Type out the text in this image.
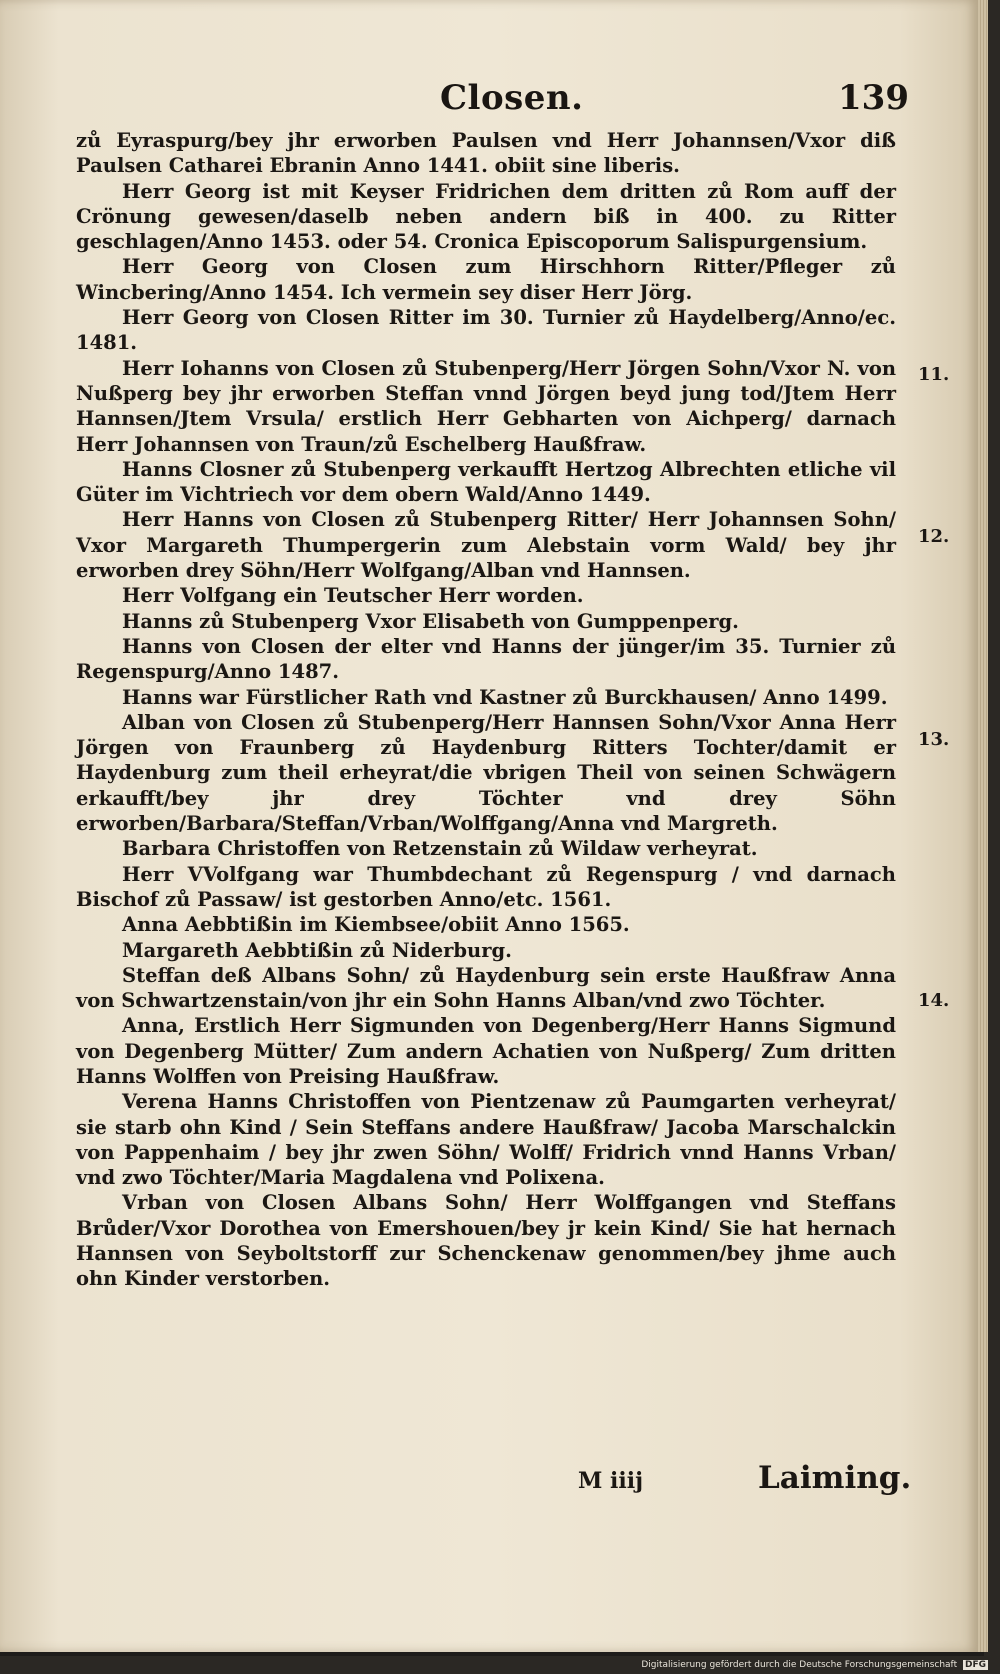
Closen.	139

zů Eyraspurg/bey jhr erworben Paulsen vnd Herr Johannsen/Vxor diß Paulsen Catharei Ebranin Anno 1441. obiit sine liberis.

Herr Georg ist mit Keyser Fridrichen dem dritten zů Rom auff der Crönung gewesen/daselb neben andern biß in 400. zu Ritter geschlagen/Anno 1453. oder 54. Cronica Episcoporum Salispurgensium.

Herr Georg von Closen zum Hirschhorn Ritter/Pfleger zů Wincbering/Anno 1454. Ich vermein sey diser Herr Jörg.

Herr Georg von Closen Ritter im 30. Turnier zů Haydelberg/Anno/ec. 1481.

Herr Iohanns von Closen zů Stubenperg/Herr Jörgen Sohn/Vxor N. von Nußperg bey jhr erworben Steffan vnnd Jörgen beyd jung tod/Jtem Herr Hannsen/Jtem Vrsula/ erstlich Herr Gebharten von Aichperg/ darnach Herr Johannsen von Traun/zů Eschelberg Haußfraw.

Hanns Closner zů Stubenperg verkaufft Hertzog Albrechten etliche vil Güter im Vichtriech vor dem obern Wald/Anno 1449.

Herr Hanns von Closen zů Stubenperg Ritter/ Herr Johannsen Sohn/ Vxor Margareth Thumpergerin zum Alebstain vorm Wald/ bey jhr erworben drey Söhn/Herr Wolfgang/Alban vnd Hannsen.

Herr Volfgang ein Teutscher Herr worden.

Hanns zů Stubenperg Vxor Elisabeth von Gumppenperg.

Hanns von Closen der elter vnd Hanns der jünger/im 35. Turnier zů Regenspurg/Anno 1487.

Hanns war Fürstlicher Rath vnd Kastner zů Burckhausen/ Anno 1499.

Alban von Closen zů Stubenperg/Herr Hannsen Sohn/Vxor Anna Herr Jörgen von Fraunberg zů Haydenburg Ritters Tochter/damit er Haydenburg zum theil erheyrat/die vbrigen Theil von seinen Schwägern erkaufft/bey jhr drey Töchter vnd drey Söhn erworben/Barbara/Steffan/Vrban/Wolffgang/Anna vnd Margreth.

Barbara Christoffen von Retzenstain zů Wildaw verheyrat.

Herr VVolfgang war Thumbdechant zů Regenspurg / vnd darnach Bischof zů Passaw/ ist gestorben Anno/etc. 1561.

Anna Aebbtißin im Kiembsee/obiit Anno 1565.

Margareth Aebbtißin zů Niderburg.

Steffan deß Albans Sohn/ zů Haydenburg sein erste Haußfraw Anna von Schwartzenstain/von jhr ein Sohn Hanns Alban/vnd zwo Töchter.

Anna, Erstlich Herr Sigmunden von Degenberg/Herr Hanns Sigmund von Degenberg Mütter/ Zum andern Achatien von Nußperg/ Zum dritten Hanns Wolffen von Preising Haußfraw.

Verena Hanns Christoffen von Pientzenaw zů Paumgarten verheyrat/ sie starb ohn Kind / Sein Steffans andere Haußfraw/ Jacoba Marschalckin von Pappenhaim / bey jhr zwen Söhn/ Wolff/ Fridrich vnnd Hanns Vrban/ vnd zwo Töchter/Maria Magdalena vnd Polixena.

Vrban von Closen Albans Sohn/ Herr Wolffgangen vnd Steffans Brůder/Vxor Dorothea von Emershouen/bey jr kein Kind/ Sie hat hernach Hannsen von Seyboltstorff zur Schenckenaw genommen/bey jhme auch ohn Kinder verstorben.

11.
12.
13.
14.
M iiij	Laiming.
Digitalisierung gefördert durch die Deutsche Forschungsgemeinschaft DFG
